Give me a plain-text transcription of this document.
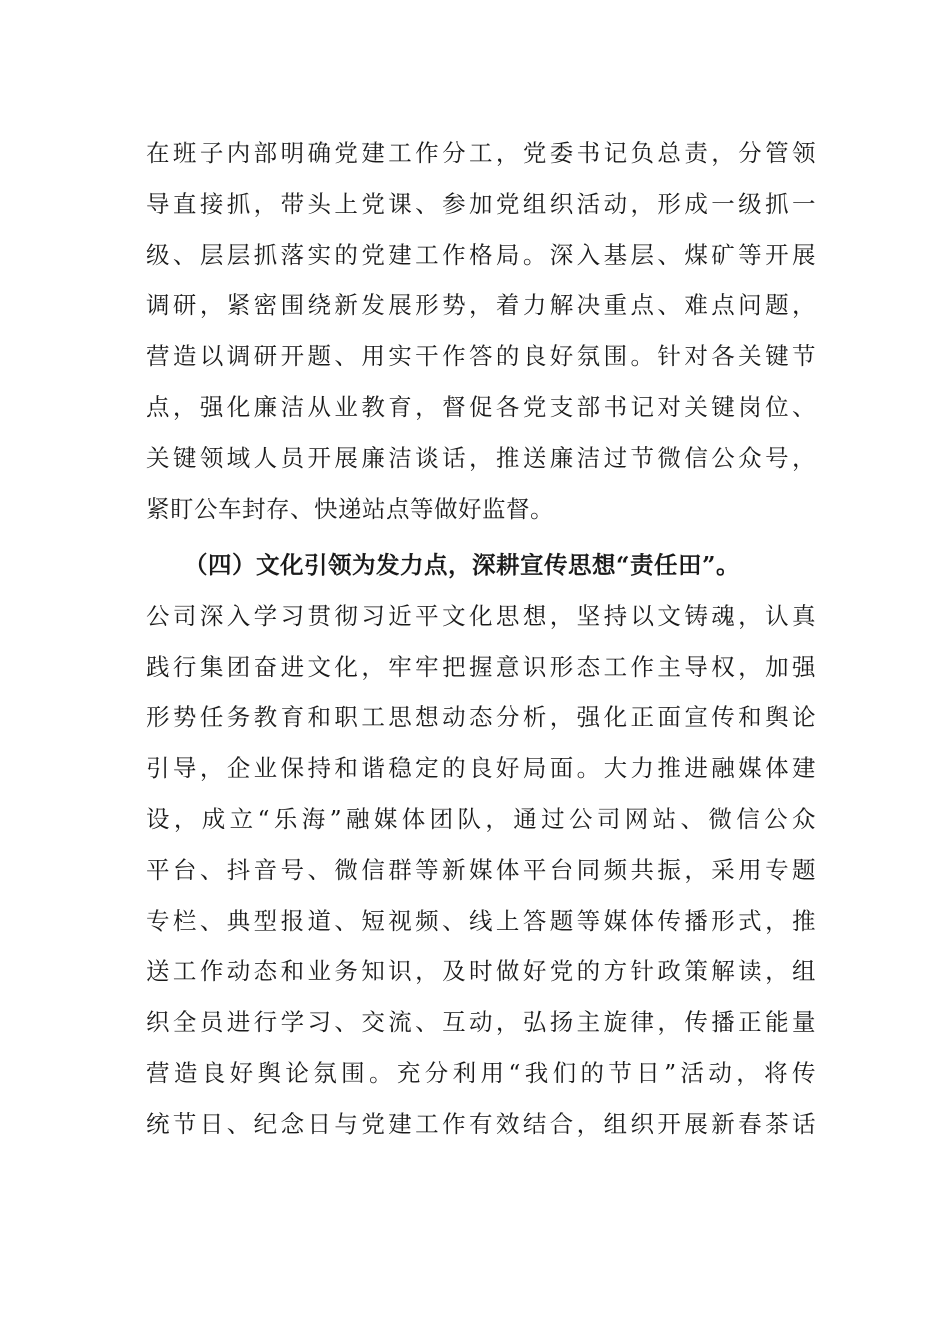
在班子内部明确党建工作分工，党委书记负总责，分管领
导直接抓，带头上党课、参加党组织活动，形成一级抓一
级、层层抓落实的党建工作格局。深入基层、煤矿等开展
调研，紧密围绕新发展形势，着力解决重点、难点问题，
营造以调研开题、用实干作答的良好氛围。针对各关键节
点，强化廉洁从业教育，督促各党支部书记对关键岗位、
关键领域人员开展廉洁谈话，推送廉洁过节微信公众号，
紧盯公车封存、快递站点等做好监督。
（四）文化引领为发力点，深耕宣传思想“责任田”。
公司深入学习贯彻习近平文化思想，坚持以文铸魂，认真
践行集团奋进文化，牢牢把握意识形态工作主导权，加强
形势任务教育和职工思想动态分析，强化正面宣传和舆论
引导，企业保持和谐稳定的良好局面。大力推进融媒体建
设，成立“乐海”融媒体团队，通过公司网站、微信公众
平台、抖音号、微信群等新媒体平台同频共振，采用专题
专栏、典型报道、短视频、线上答题等媒体传播形式，推
送工作动态和业务知识，及时做好党的方针政策解读，组
织全员进行学习、交流、互动，弘扬主旋律，传播正能量
营造良好舆论氛围。充分利用“我们的节日”活动，将传
统节日、纪念日与党建工作有效结合，组织开展新春茶话
